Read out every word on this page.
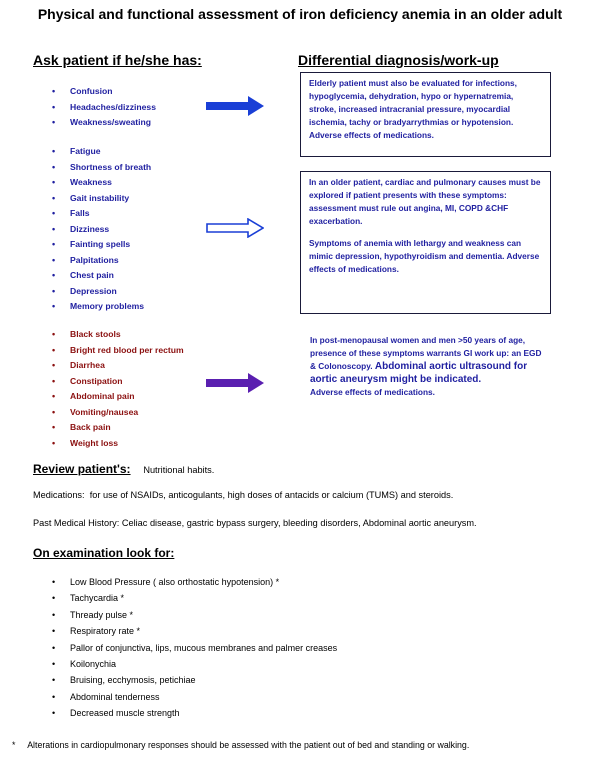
Physical and functional assessment of iron deficiency anemia in an older adult
Ask patient if he/she has:	Differential diagnosis/work-up
• Confusion
• Headaches/dizziness
• Weakness/sweating
• Fatigue
• Shortness of breath
• Weakness
• Gait instability
• Falls
• Dizziness
• Fainting spells
• Palpitations
• Chest pain
• Depression
• Memory problems
• Black stools
• Bright red blood per rectum
• Diarrhea
• Constipation
• Abdominal pain
• Vomiting/nausea
• Back pain
• Weight loss

Elderly patient must also be evaluated for infections, hypoglycemia, dehydration, hypo or hypernatremia, stroke, increased intracranial pressure, myocardial ischemia, tachy or bradyarrythmias or hypotension. Adverse effects of medications.

In an older patient, cardiac and pulmonary causes must be explored if patient presents with these symptoms: assessment must rule out angina, MI, COPD &CHF exacerbation.

Symptoms of anemia with lethargy and weakness can mimic depression, hypothyroidism and dementia. Adverse effects of medications.

In post-menopausal women and men >50 years of age, presence of these symptoms warrants GI work up: an EGD & Colonoscopy. Abdominal aortic ultrasound for aortic aneurysm might be indicated.
Adverse effects of medications.
Review patient's: Nutritional habits.
Medications: for use of NSAIDs, anticogulants, high doses of antacids or calcium (TUMS) and steroids.
Past Medical History: Celiac disease, gastric bypass surgery, bleeding disorders, Abdominal aortic aneurysm.
On examination look for:
• Low Blood Pressure ( also orthostatic hypotension) *
• Tachycardia *
• Thready pulse *
• Respiratory rate *
• Pallor of conjunctiva, lips, mucous membranes and palmer creases
• Koilonychia
• Bruising, ecchymosis, petichiae
• Abdominal tenderness
• Decreased muscle strength
* Alterations in cardiopulmonary responses should be assessed with the patient out of bed and standing or walking.
